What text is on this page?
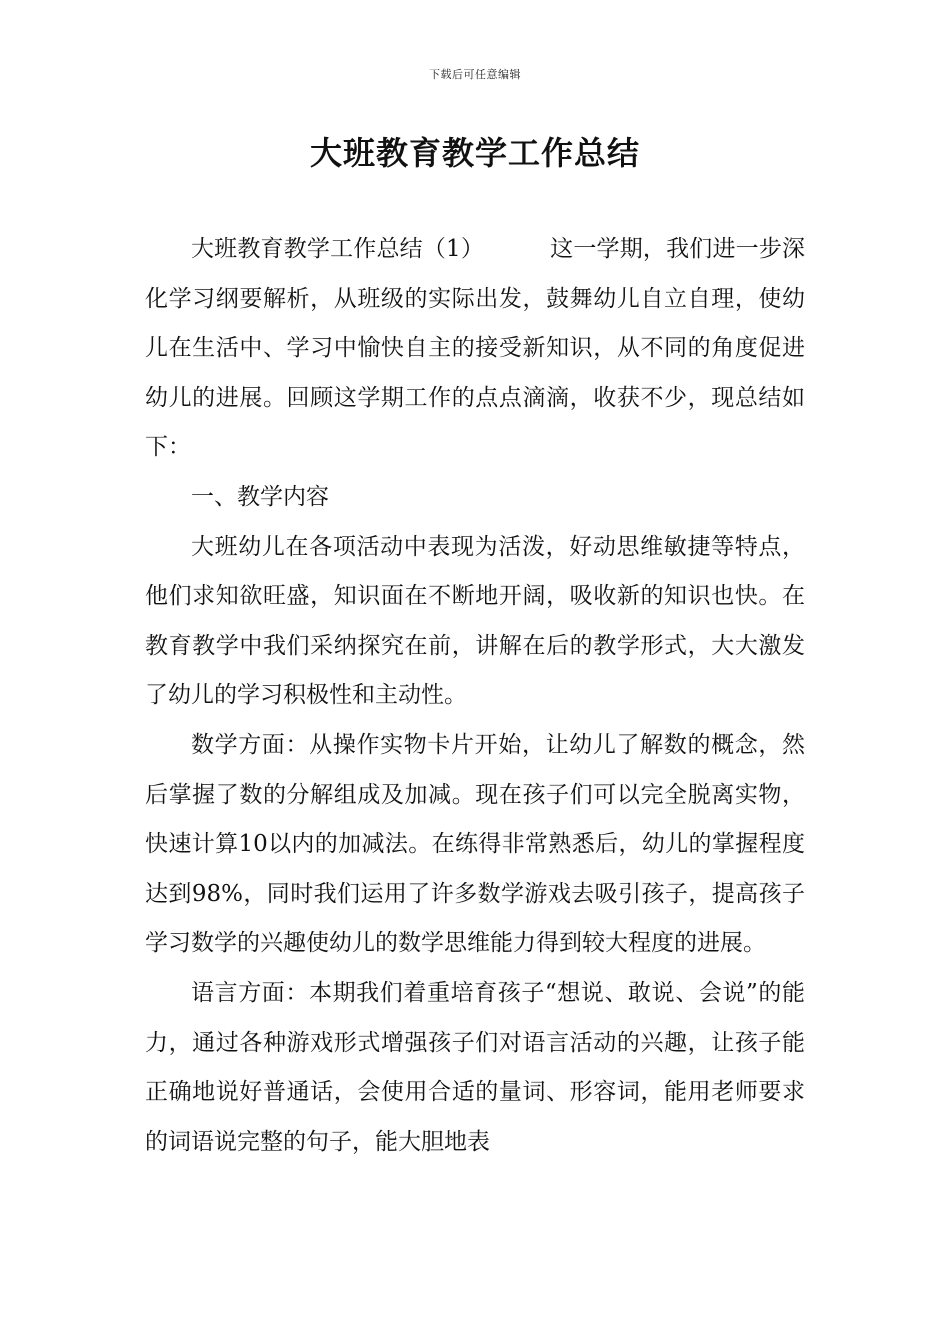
下载后可任意编辑
大班教育教学工作总结

大班教育教学工作总结（1）	这一学期，我们进一步深化学习纲要解析，从班级的实际出发，鼓舞幼儿自立自理，使幼儿在生活中、学习中愉快自主的接受新知识，从不同的角度促进幼儿的进展。回顾这学期工作的点点滴滴，收获不少，现总结如下：

一、教学内容

大班幼儿在各项活动中表现为活泼，好动思维敏捷等特点，他们求知欲旺盛，知识面在不断地开阔，吸收新的知识也快。在教育教学中我们采纳探究在前，讲解在后的教学形式，大大激发了幼儿的学习积极性和主动性。

数学方面：从操作实物卡片开始，让幼儿了解数的概念，然后掌握了数的分解组成及加减。现在孩子们可以完全脱离实物，快速计算10以内的加减法。在练得非常熟悉后，幼儿的掌握程度达到98%，同时我们运用了许多数学游戏去吸引孩子，提高孩子学习数学的兴趣使幼儿的数学思维能力得到较大程度的进展。

语言方面：本期我们着重培育孩子“想说、敢说、会说”的能力，通过各种游戏形式增强孩子们对语言活动的兴趣，让孩子能正确地说好普通话，会使用合适的量词、形容词，能用老师要求的词语说完整的句子，能大胆地表
